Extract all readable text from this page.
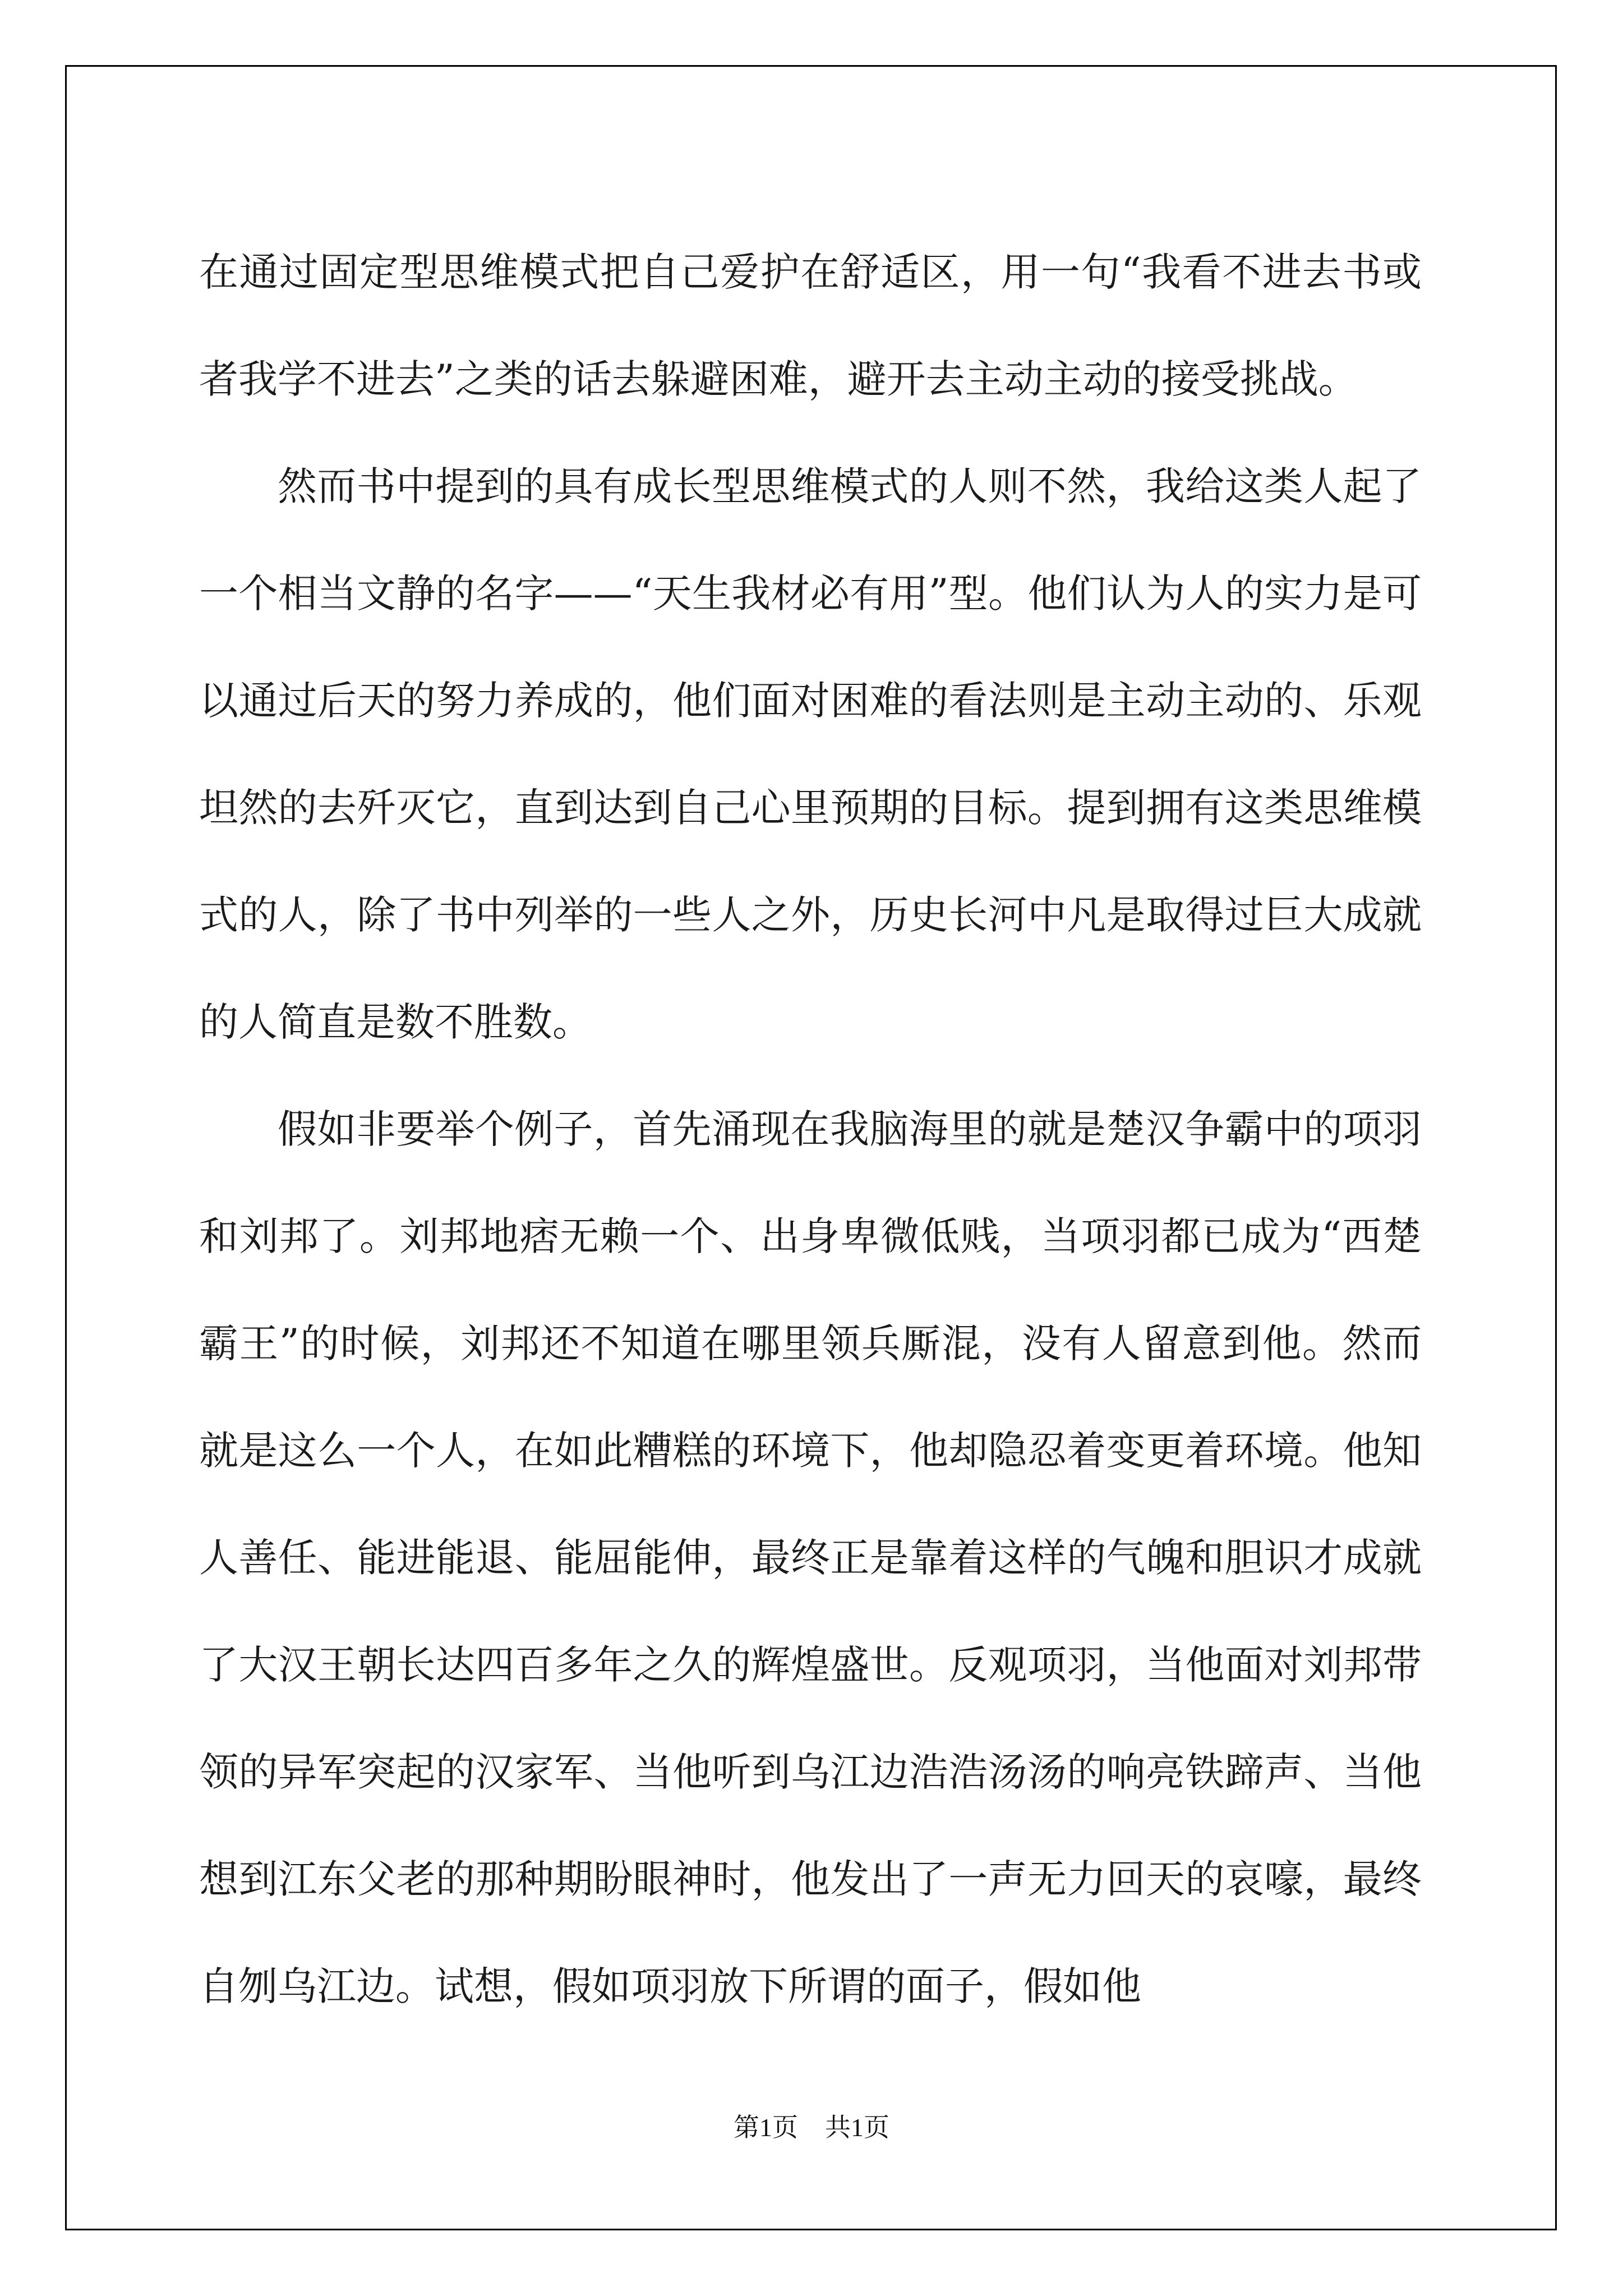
在通过固定型思维模式把自己爱护在舒适区，用一句“我看不进去书或者我学不进去”之类的话去躲避困难，避开去主动主动的接受挑战。

然而书中提到的具有成长型思维模式的人则不然，我给这类人起了一个相当文静的名字——“天生我材必有用”型。他们认为人的实力是可以通过后天的努力养成的，他们面对困难的看法则是主动主动的、乐观坦然的去歼灭它，直到达到自己心里预期的目标。提到拥有这类思维模式的人，除了书中列举的一些人之外，历史长河中凡是取得过巨大成就的人简直是数不胜数。

假如非要举个例子，首先涌现在我脑海里的就是楚汉争霸中的项羽和刘邦了。刘邦地痞无赖一个、出身卑微低贱，当项羽都已成为“西楚霸王”的时候，刘邦还不知道在哪里领兵厮混，没有人留意到他。然而就是这么一个人，在如此糟糕的环境下，他却隐忍着变更着环境。他知人善任、能进能退、能屈能伸，最终正是靠着这样的气魄和胆识才成就了大汉王朝长达四百多年之久的辉煌盛世。反观项羽，当他面对刘邦带领的异军突起的汉家军、当他听到乌江边浩浩汤汤的响亮铁蹄声、当他想到江东父老的那种期盼眼神时，他发出了一声无力回天的哀嚎，最终自刎乌江边。试想，假如项羽放下所谓的面子，假如他

第1页 共1页
